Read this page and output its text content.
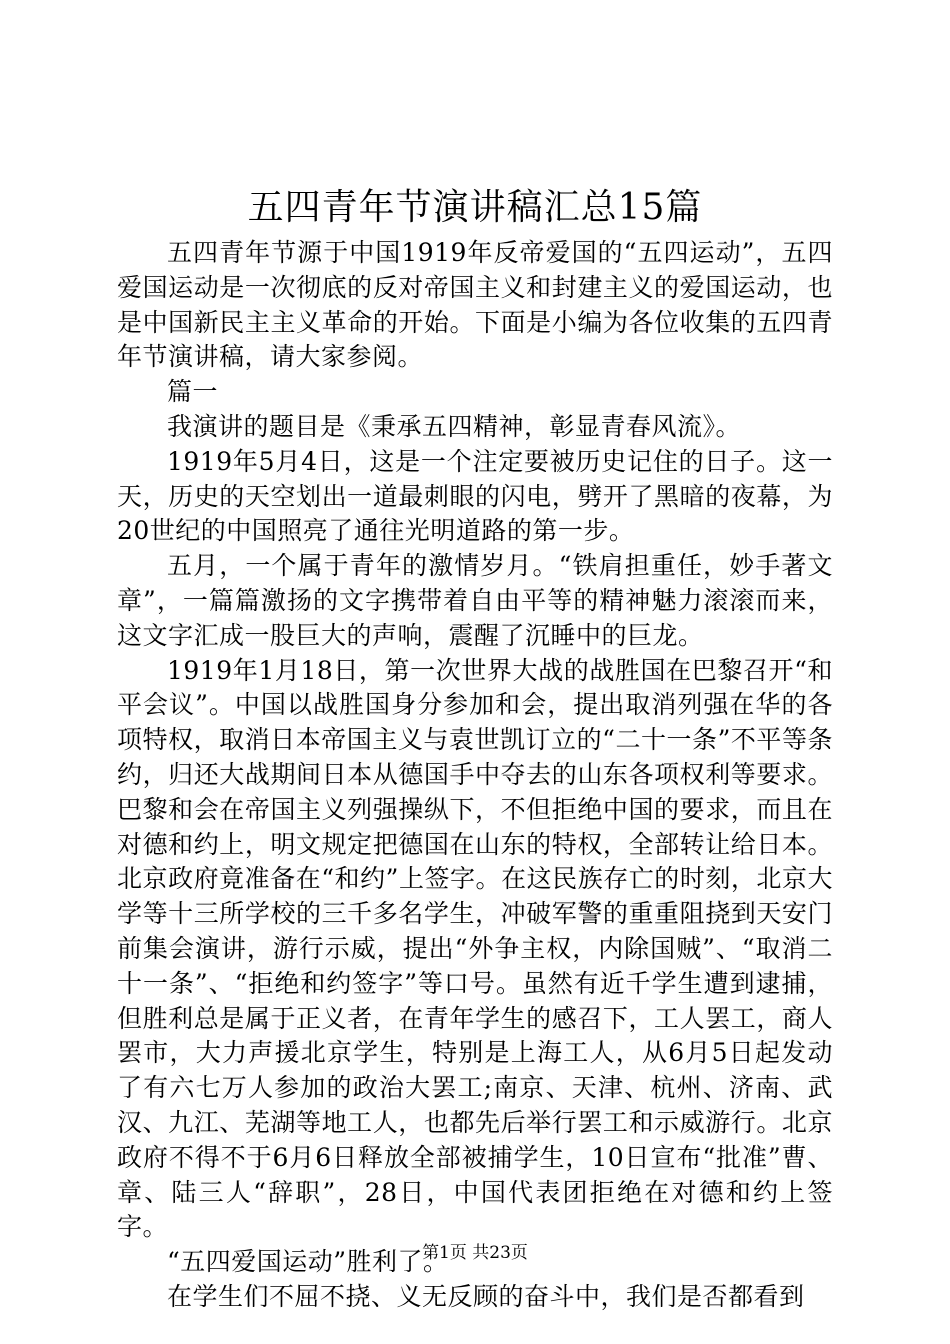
五四青年节演讲稿汇总15篇

五四青年节源于中国1919年反帝爱国的“五四运动”，五四爱国运动是一次彻底的反对帝国主义和封建主义的爱国运动，也是中国新民主主义革命的开始。下面是小编为各位收集的五四青年节演讲稿，请大家参阅。

篇一

我演讲的题目是《秉承五四精神，彰显青春风流》。

1919年5月4日，这是一个注定要被历史记住的日子。这一天，历史的天空划出一道最刺眼的闪电，劈开了黑暗的夜幕，为20世纪的中国照亮了通往光明道路的第一步。

五月，一个属于青年的激情岁月。“铁肩担重任，妙手著文章”，一篇篇激扬的文字携带着自由平等的精神魅力滚滚而来，这文字汇成一股巨大的声响，震醒了沉睡中的巨龙。

1919年1月18日，第一次世界大战的战胜国在巴黎召开“和平会议”。中国以战胜国身分参加和会，提出取消列强在华的各项特权，取消日本帝国主义与袁世凯订立的“二十一条”不平等条约，归还大战期间日本从德国手中夺去的山东各项权利等要求。巴黎和会在帝国主义列强操纵下，不但拒绝中国的要求，而且在对德和约上，明文规定把德国在山东的特权，全部转让给日本。北京政府竟准备在“和约”上签字。在这民族存亡的时刻，北京大学等十三所学校的三千多名学生，冲破军警的重重阻挠到天安门前集会演讲，游行示威，提出“外争主权，内除国贼”、“取消二十一条”、“拒绝和约签字”等口号。虽然有近千学生遭到逮捕，但胜利总是属于正义者，在青年学生的感召下，工人罢工，商人罢市，大力声援北京学生，特别是上海工人，从6月5日起发动了有六七万人参加的政治大罢工;南京、天津、杭州、济南、武汉、九江、芜湖等地工人，也都先后举行罢工和示威游行。北京政府不得不于6月6日释放全部被捕学生，10日宣布“批准”曹、章、陆三人“辞职”，28日，中国代表团拒绝在对德和约上签字。

“五四爱国运动”胜利了。

在学生们不屈不挠、义无反顾的奋斗中，我们是否都看到

第1页 共23页
